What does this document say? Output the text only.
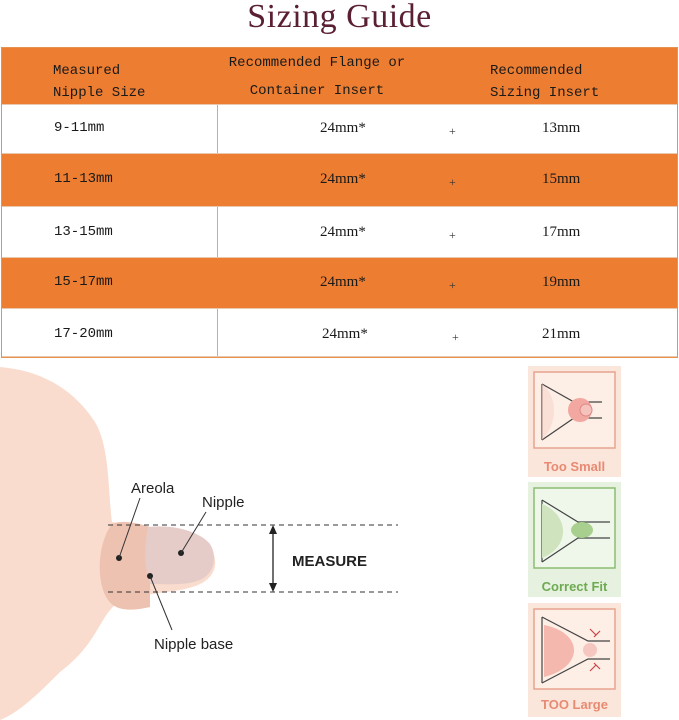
Sizing Guide
Measured
Nipple Size
Recommended Flange or
Container Insert
Recommended
Sizing Insert
9-11mm	24mm*	+	13mm
11-13mm	24mm*	+	15mm
13-15mm	24mm*	+	17mm
15-17mm	24mm*	+	19mm
17-20mm	24mm*	+	21mm
Areola
Nipple
MEASURE
Nipple base
Too Small
Correct Fit
TOO Large
